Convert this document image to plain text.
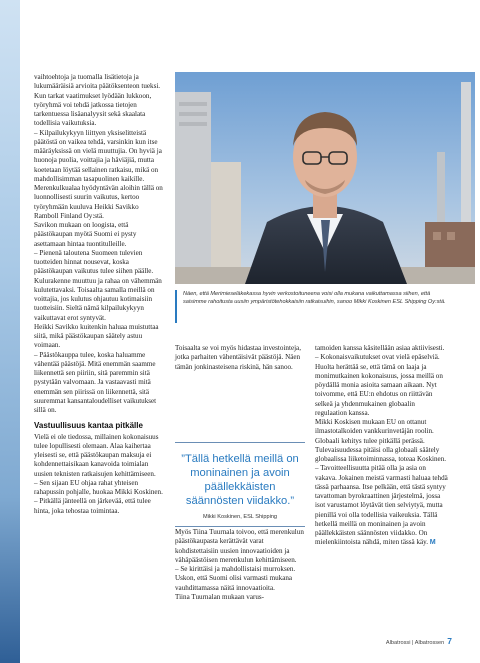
vaihtoehtoja ja tuomalla lisätietoja ja lukumääräisiä arvioita päätöksenteon tueksi. Kun tarkat vaatimukset lyödään lukkoon, työryhmä voi tehdä jatkossa tietojen tarkentuessa lisäanalyysit sekä skaalata todellisia vaikutuksia.

– Kilpailukykyyn liittyen yksiselitteistä päätöstä on vaikea tehdä, varsinkin kun itse määräyksissä on vielä muuttujia. On hyviä ja huonoja puolia, voittajia ja häviäjiä, mutta koetetaan löytää sellainen ratkaisu, mikä on mahdollisimman tasapuolinen kaikille. Merenkulkualaa hyödyntävän aloihin tällä on luonnollisesti suurin vaikutus, kertoo työryhmään kuuluva Heikki Savikko Ramboll Finland Oy:stä.

Savikon mukaan on loogista, että päästökaupan myötä Suomi ei pysty asettamaan hintaa tuontitulleille.

– Pienenä taloutena Suomeen tulevien tuotteiden hinnat nousevat, koska päästökaupan vaikutus tulee siihen päälle. Kulurakenne muuttuu ja rahaa on vähemmän kulutettavaksi. Toisaalta samalla meillä on voittajia, jos kulutus ohjautuu kotimaisiin tuotteisiin. Sieltä nämä kilpailukykyyn vaikuttavat erot syntyvät.

Heikki Savikko kuitenkin haluaa muistuttaa siitä, mikä päästökaupan säätely astuu voimaan.

– Päästökauppa tulee, koska haluamme vähentää päästöjä. Mitä enemmän saamme liikennettä sen piiriin, sitä paremmin sitä pystytään valvomaan. Ja vastaavasti mitä enemmän sen piirissä on liikennettä, sitä suuremmat kansantaloudelliset vaikutukset sillä on.

Vastuullisuus kantaa pitkälle

Vielä ei ole tiedossa, millainen kokonaisuus tulee lopullisesti olemaan. Alaa kaihertaa yleisesti se, että päästökaupan maksuja ei kohdennettaisikaan kanavoida toimialan uusien teknisten ratkaisujen kehittämiseen.

– Sen sijaan EU ohjaa rahat yhteisen rahapussin pohjalle, huokaa Mikki Koskinen.

– Pitkällä jänteellä on järkevää, että tulee hinta, joka tehostaa toimintaa.

Näen, että Merimieseläkekassa hyvin verkostoituneena voisi olla mukana vaikuttamassa siihen, että saisimme rahoitusta uusiin ympäristötehokkaisiin ratkaisuihin, sanoo Mikki Koskinen ESL Shipping Oy:stä.

Toisaalta se voi myös hidastaa investointeja, jotka parhaiten vähentäisivät päästöjä. Näen tämän jonkinasteisena riskinä, hän sanoo.

”Tällä hetkellä meillä on moninainen ja avoin päällekkäisten säännösten viidakko.”
Mikki Koskinen, ESL Shipping

Myös Tiina Tuurnala toivoo, että merenkulun päästökaupasta kerättävät varat kohdistettaisiin uusien innovaatioiden ja vähäpäästöisen merenkulun kehittämiseen.

– Se kirittäisi ja mahdollistaisi murroksen. Uskon, että Suomi olisi varmasti mukana vauhdittamassa näitä innovaatioita.

Tiina Tuurnalan mukaan varus-

tamoiden kanssa käsitellään asiaa aktiivisesti.

– Kokonaisvaikutukset ovat vielä epäselviä. Huolta herättää se, että tämä on laaja ja monimutkainen kokonaisuus, jossa meillä on pöydällä monia asioita samaan aikaan. Nyt toivomme, että EU:n ehdotus on riittävän selkeä ja yhdenmukainen globaalin regulaation kanssa.

Mikki Koskisen mukaan EU on ottanut ilmastotalkoiden vankkurinvetäjän roolin. Globaali kehitys tulee pitkällä perässä. Tulevaisuudessa pitäisi olla globaali säätely globaalissa liiketoiminnassa, toteaa Koskinen.

– Tavoitteellisuutta pitää olla ja asia on vakava. Jokainen meistä varmasti haluaa tehdä tässä parhaansa. Itse pelkään, että tästä syntyy tavattoman byrokraattinen järjestelmä, jossa isot varustamot löytävät tien selviytyä, mutta pienillä voi olla todellisia vaikeuksia. Tällä hetkellä meillä on moninainen ja avoin päällekkäisten säännösten viidakko. On mielenkiintoista nähdä, miten tässä käy. M

Albatrossi | Albatrossen 7
